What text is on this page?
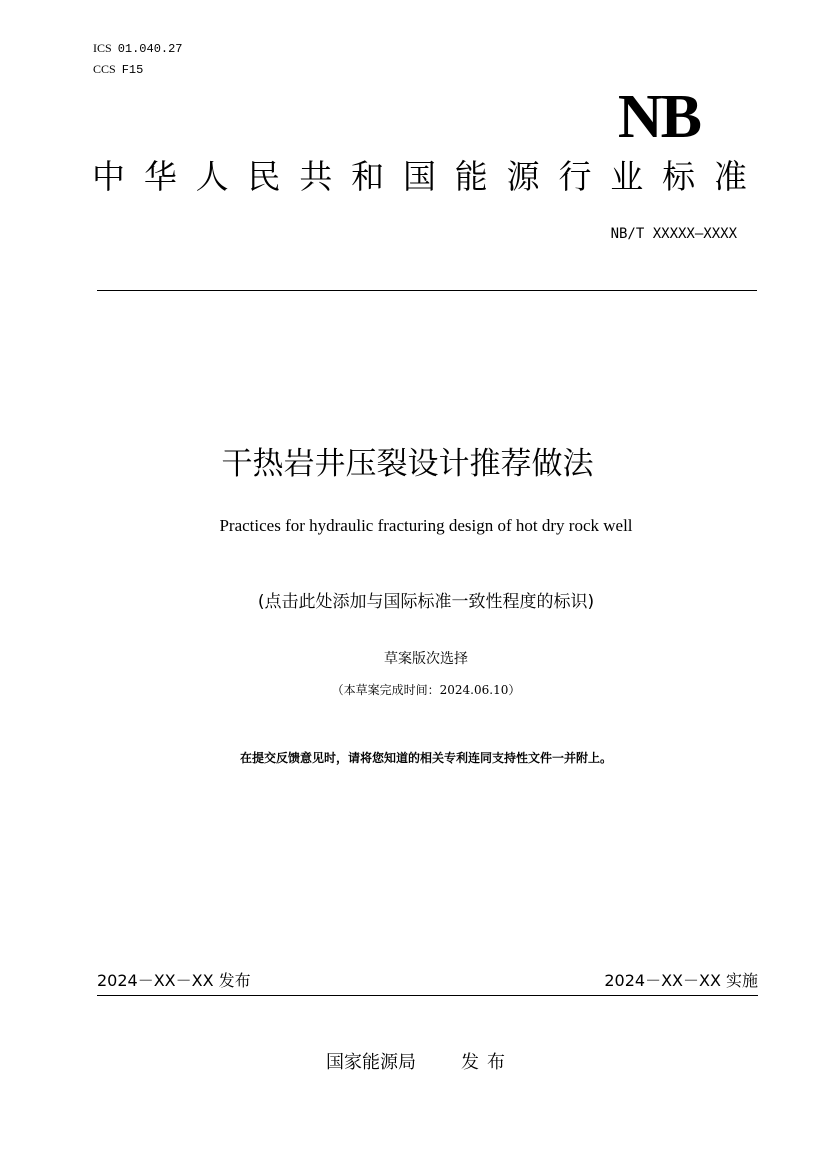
ICS 01.040.27
CCS F15
NB
中 华 人 民 共 和 国 能 源 行 业 标 准
NB/T XXXXX—XXXX
干热岩井压裂设计推荐做法
Practices for hydraulic fracturing design of hot dry rock well
(点击此处添加与国际标准一致性程度的标识)
草案版次选择
（本草案完成时间：2024.06.10）
在提交反馈意见时，请将您知道的相关专利连同支持性文件一并附上。
2024－XX－XX 发布	2024－XX－XX 实施
国家能源局	发布
